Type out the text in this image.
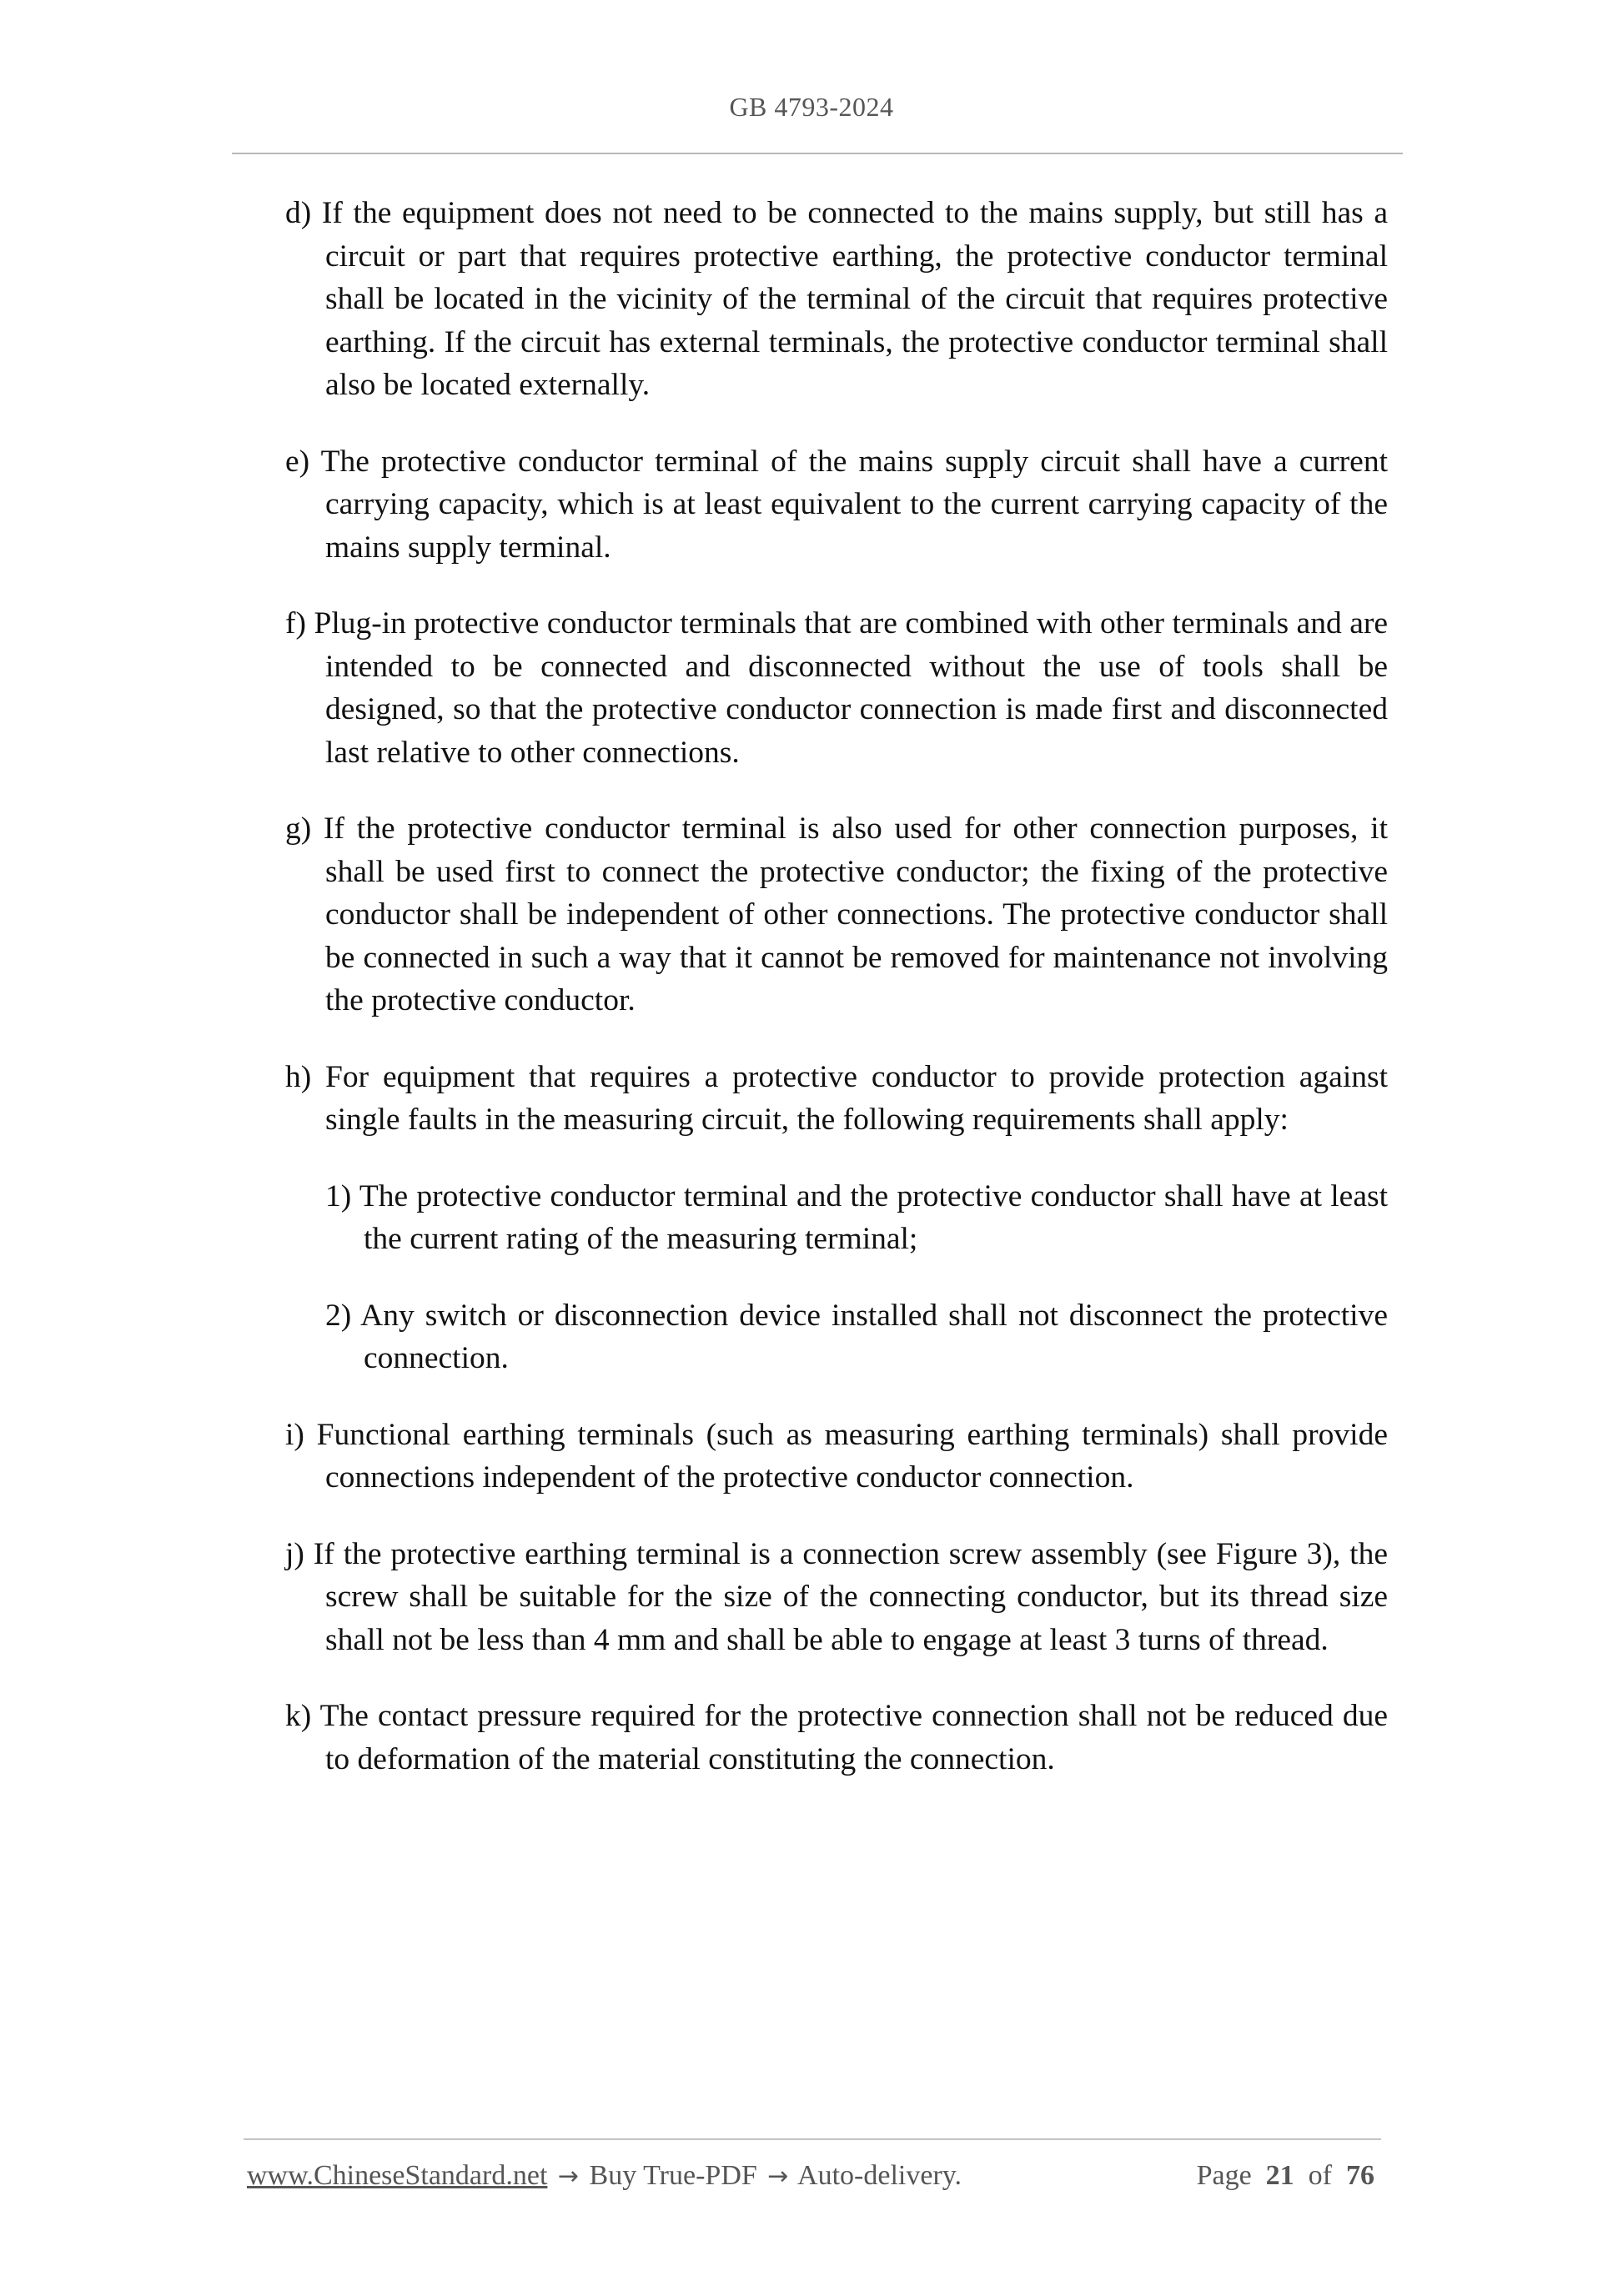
GB 4793-2024

d) If the equipment does not need to be connected to the mains supply, but still has a circuit or part that requires protective earthing, the protective conductor terminal shall be located in the vicinity of the terminal of the circuit that requires protective earthing. If the circuit has external terminals, the protective conductor terminal shall also be located externally.

e) The protective conductor terminal of the mains supply circuit shall have a current carrying capacity, which is at least equivalent to the current carrying capacity of the mains supply terminal.

f) Plug-in protective conductor terminals that are combined with other terminals and are intended to be connected and disconnected without the use of tools shall be designed, so that the protective conductor connection is made first and disconnected last relative to other connections.

g) If the protective conductor terminal is also used for other connection purposes, it shall be used first to connect the protective conductor; the fixing of the protective conductor shall be independent of other connections. The protective conductor shall be connected in such a way that it cannot be removed for maintenance not involving the protective conductor.

h) For equipment that requires a protective conductor to provide protection against single faults in the measuring circuit, the following requirements shall apply:

1) The protective conductor terminal and the protective conductor shall have at least the current rating of the measuring terminal;

2) Any switch or disconnection device installed shall not disconnect the protective connection.

i) Functional earthing terminals (such as measuring earthing terminals) shall provide connections independent of the protective conductor connection.

j) If the protective earthing terminal is a connection screw assembly (see Figure 3), the screw shall be suitable for the size of the connecting conductor, but its thread size shall not be less than 4 mm and shall be able to engage at least 3 turns of thread.

k) The contact pressure required for the protective connection shall not be reduced due to deformation of the material constituting the connection.

www.ChineseStandard.net → Buy True-PDF → Auto-delivery.	Page 21 of 76
